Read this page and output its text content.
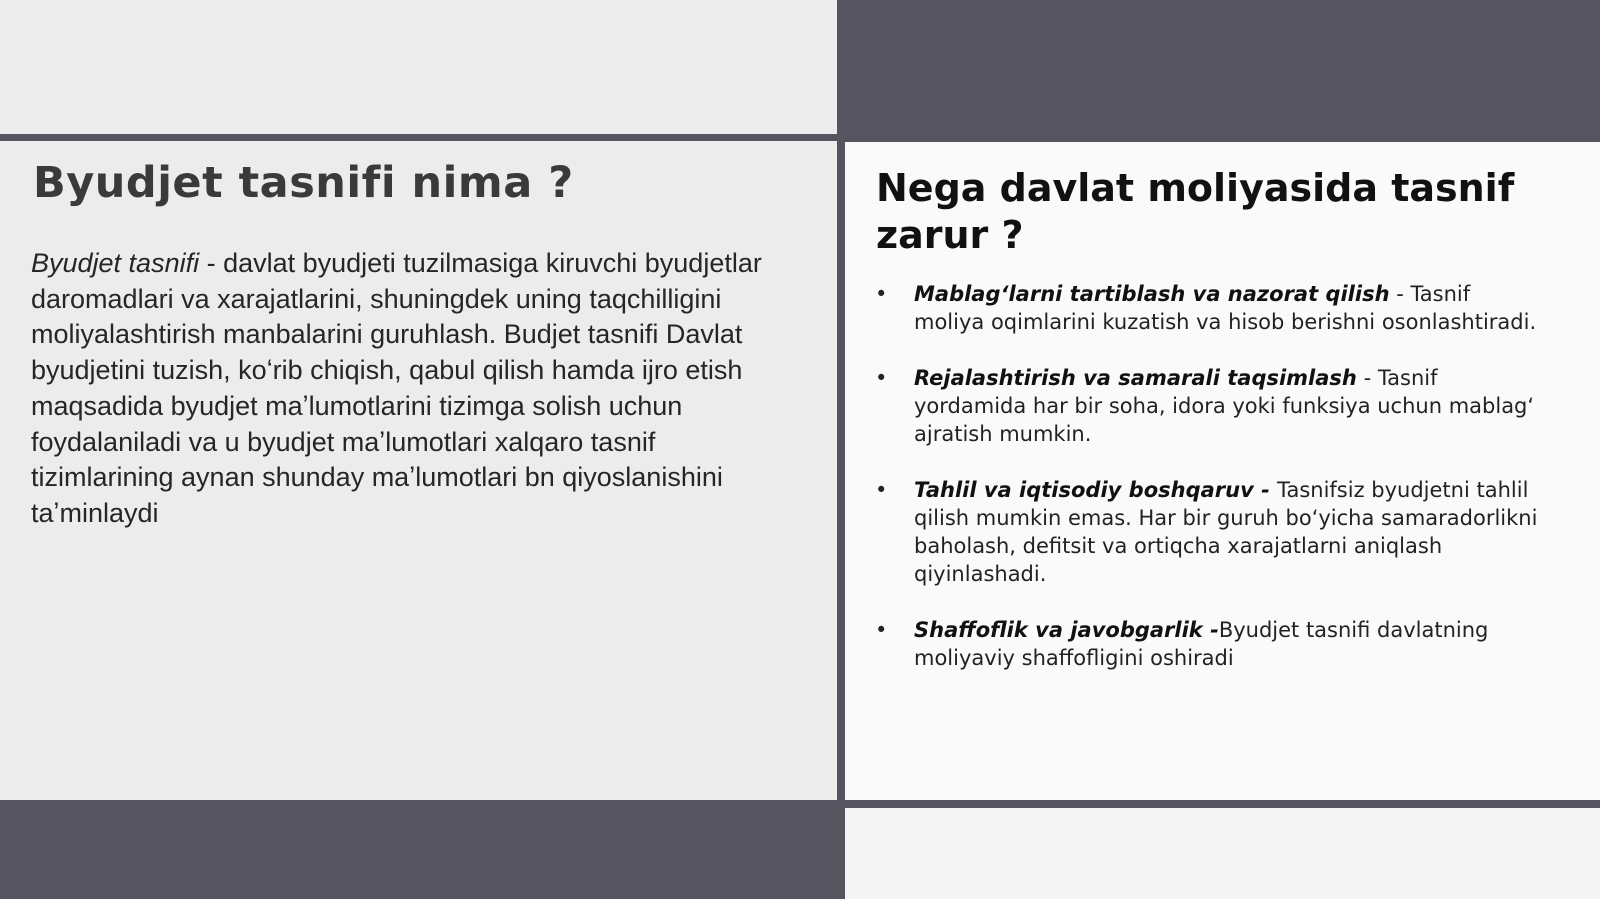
Byudjet tasnifi nima ?

Byudjet tasnifi - davlat byudjeti tuzilmasiga kiruvchi byudjetlar daromadlari va xarajatlarini, shuningdek uning taqchilligini moliyalashtirish manbalarini guruhlash. Budjet tasnifi Davlat byudjetini tuzish, koʻrib chiqish, qabul qilish hamda ijro etish maqsadida byudjet maʼlumotlarini tizimga solish uchun foydalaniladi va u byudjet maʼlumotlari xalqaro tasnif tizimlarining aynan shunday maʼlumotlari bn qiyoslanishini taʼminlaydi

Nega davlat moliyasida tasnif zarur ?
• Mablag‘larni tartiblash va nazorat qilish - Tasnif moliya oqimlarini kuzatish va hisob berishni osonlashtiradi.
• Rejalashtirish va samarali taqsimlash - Tasnif yordamida har bir soha, idora yoki funksiya uchun mablag‘ ajratish mumkin.
• Tahlil va iqtisodiy boshqaruv - Tasnifsiz byudjetni tahlil qilish mumkin emas. Har bir guruh bo‘yicha samaradorlikni baholash, defitsit va ortiqcha xarajatlarni aniqlash qiyinlashadi.
• Shaffoflik va javobgarlik -Byudjet tasnifi davlatning moliyaviy shaffofligini oshiradi
